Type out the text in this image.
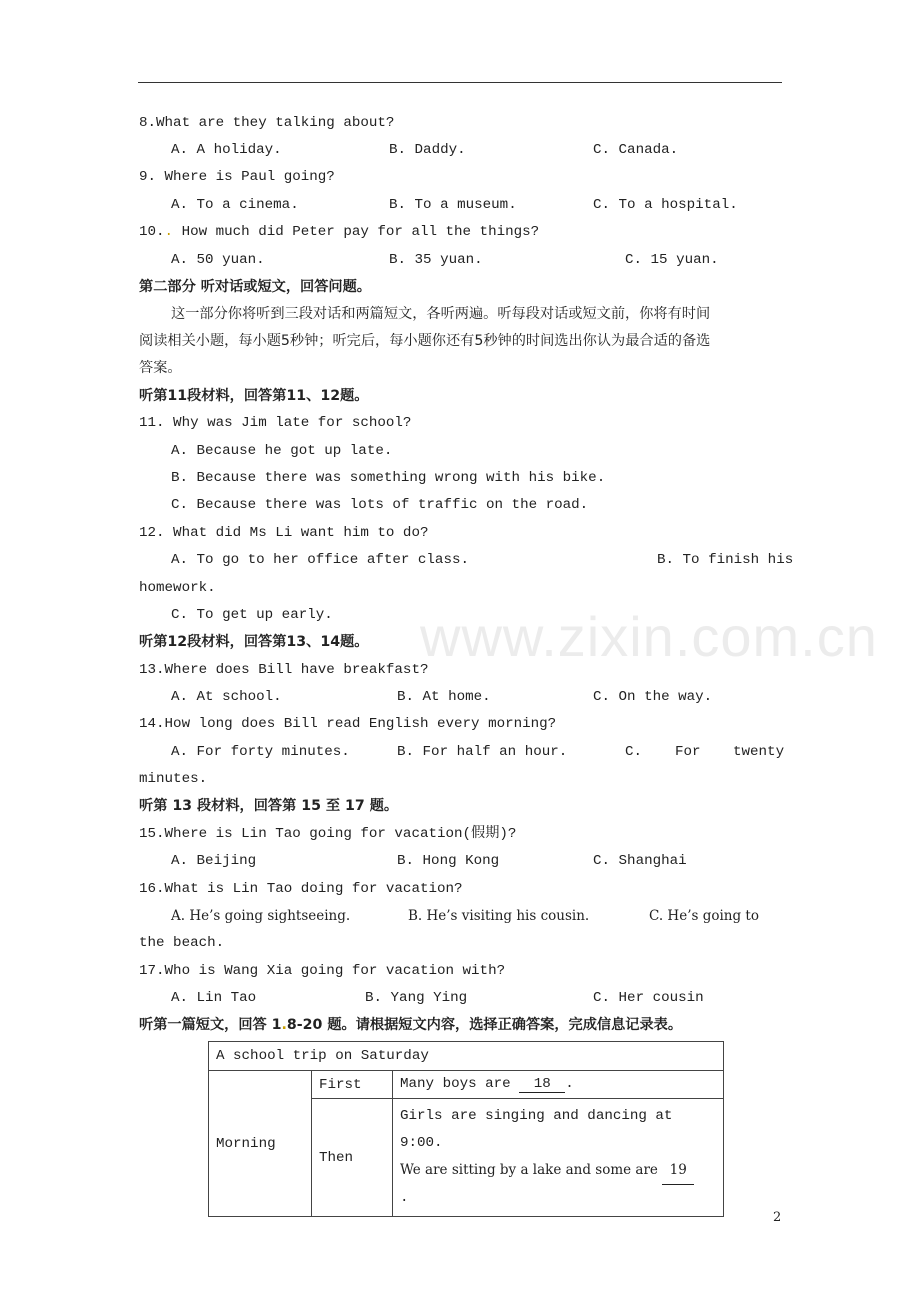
www.zixin.com.cn
8.What are they talking about?
A. A holiday.	B. Daddy.	C. Canada.
9. Where is Paul going?
A. To a cinema.	B. To a museum.	C. To a hospital.
10.. How much did Peter pay for all the things?
A. 50 yuan.	B. 35 yuan.	C. 15 yuan.
第二部分 听对话或短文，回答问题。
这一部分你将听到三段对话和两篇短文，各听两遍。听每段对话或短文前，你将有时间
阅读相关小题，每小题5秒钟；听完后，每小题你还有5秒钟的时间选出你认为最合适的备选
答案。
听第11段材料，回答第11、12题。
11. Why was Jim late for school?
A. Because he got up late.
B. Because there was something wrong with his bike.
C. Because there was lots of traffic on the road.
12. What did Ms Li want him to do?
A. To go to her office after class.	B. To finish his
homework.
C. To get up early.
听第12段材料，回答第13、14题。
13.Where does Bill have breakfast?
A. At school.	B. At home.	C. On the way.
14.How long does Bill read English every morning?
A. For forty minutes.	B. For half an hour.	C. For twenty
minutes.
听第 13 段材料，回答第 15 至 17 题。
15.Where is Lin Tao going for vacation(假期)?
A. Beijing	B. Hong Kong	C. Shanghai
16.What is Lin Tao doing for vacation?
A. He’s going sightseeing.	B. He’s visiting his cousin.	C. He’s going to
the beach.
17.Who is Wang Xia going for vacation with?
A. Lin Tao	B. Yang Ying	C. Her cousin
听第一篇短文，回答 1.8-20 题。请根据短文内容，选择正确答案，完成信息记录表。
A school trip on Saturday		
Morning	First	Many boys are 18 .
	Then	Girls are singing and dancing at 9:00.
We are sitting by a lake and some are 19
.
2
